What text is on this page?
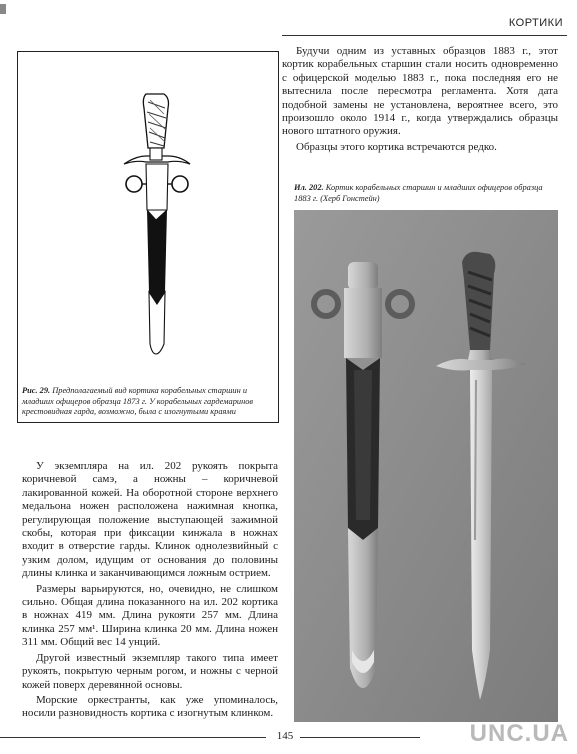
КОРТИКИ
Рис. 29. Предполагаемый вид кортика корабельных старшин и младших офицеров образца 1873 г. У корабельных гардемаринов крестовидная гарда, возможно, была с изогнутыми краями

Будучи одним из уставных образцов 1883 г., этот кортик корабельных старшин стали носить одновременно с офицерской моделью 1883 г., пока последняя его не вытеснила после пересмотра регламента. Хотя дата подобной замены не установлена, вероятнее всего, это произошло около 1914 г., когда утверждались образцы нового штатного оружия.

Образцы этого кортика встречаются редко.

Ил. 202. Кортик корабельных старшин и младших офицеров образца 1883 г. (Херб Гонстейн)

У экземпляра на ил. 202 рукоять покрыта коричневой самэ, а ножны – коричневой лакированной кожей. На оборотной стороне верхнего медальона ножен расположена нажимная кнопка, регулирующая положение выступающей зажимной скобы, которая при фиксации кинжала в ножнах входит в отверстие гарды. Клинок однолезвийный с узким долом, идущим от основания до половины длины клинка и заканчивающимся ложным острием.

Размеры варьируются, но, очевидно, не слишком сильно. Общая длина показанного на ил. 202 кортика в ножнах 419 мм. Длина рукояти 257 мм. Длина клинка 257 мм¹. Ширина клинка 20 мм. Длина ножен 311 мм. Общий вес 14 унций.

Другой известный экземпляр такого типа имеет рукоять, покрытую черным рогом, и ножны с черной кожей поверх деревянной основы.

Морские оркестранты, как уже упоминалось, носили разновидность кортика с изогнутым клинком.

145	UNC.UA
